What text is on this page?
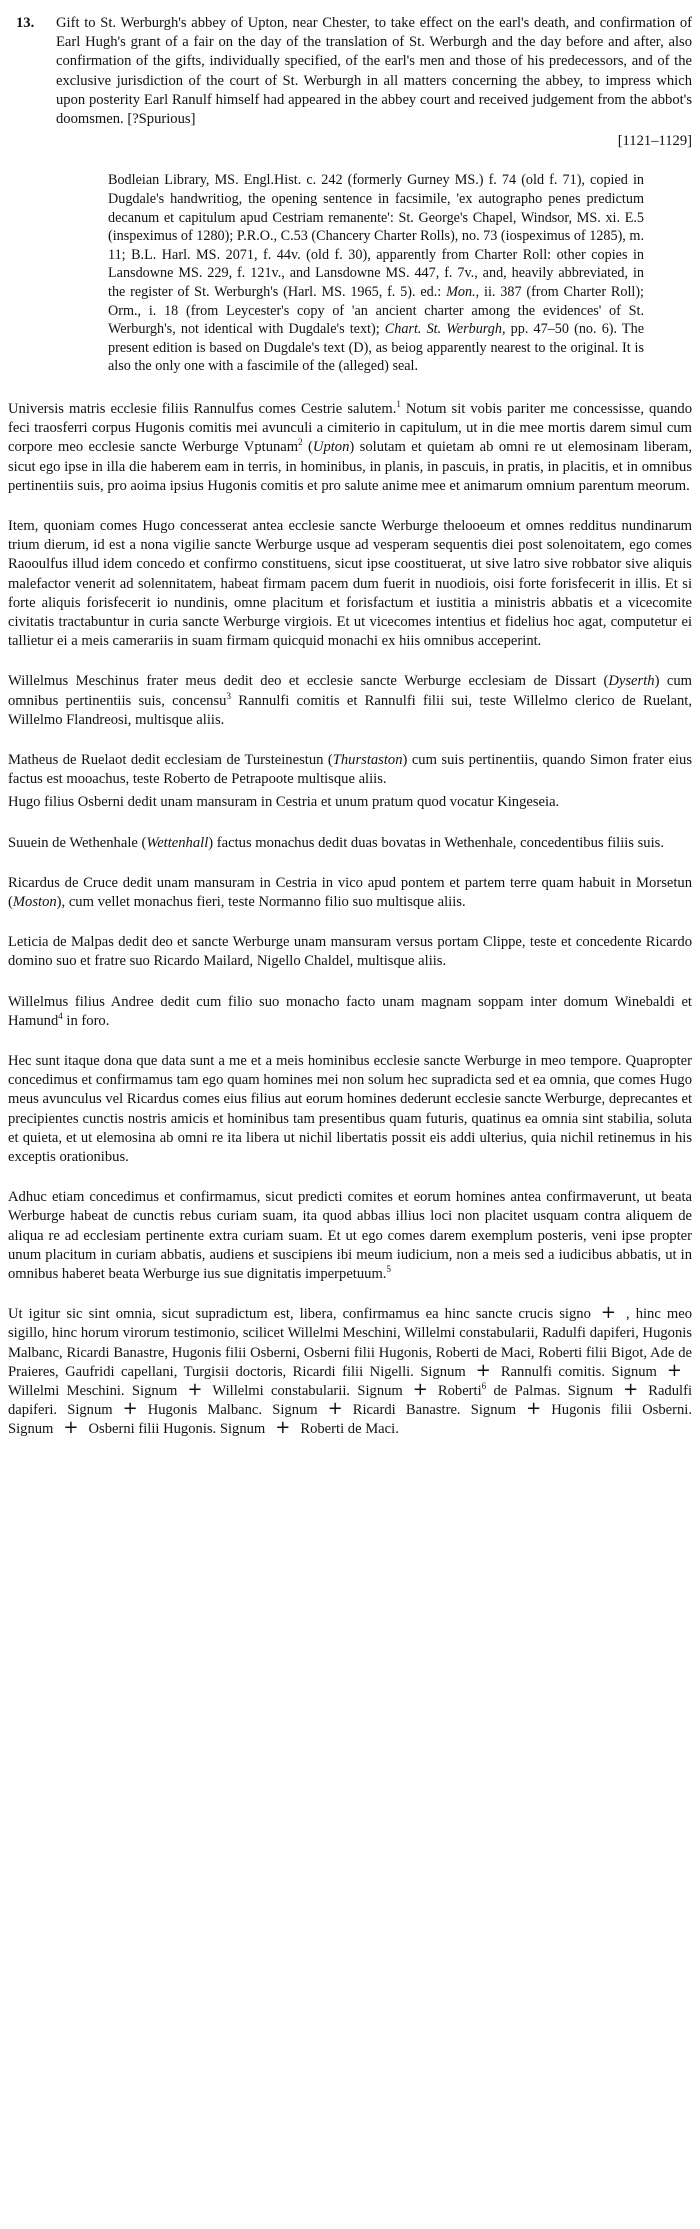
13. Gift to St. Werburgh's abbey of Upton, near Chester, to take effect on the earl's death, and confirmation of Earl Hugh's grant of a fair on the day of the translation of St. Werburgh and the day before and after, also confirmation of the gifts, individually specified, of the earl's men and those of his predecessors, and of the exclusive jurisdiction of the court of St. Werburgh in all matters concerning the abbey, to impress which upon posterity Earl Ranulf himself had appeared in the abbey court and received judgement from the abbot's doomsmen. [?Spurious]

[1121–1129]
Bodleian Library, MS. Engl.Hist. c. 242 (formerly Gurney MS.) f. 74 (old f. 71), copied in Dugdale's handwritiog, the opening sentence in facsimile, 'ex autographo penes predictum decanum et capitulum apud Cestriam remanente': St. George's Chapel, Windsor, MS. xi. E.5 (inspeximus of 1280); P.R.O., C.53 (Chancery Charter Rolls), no. 73 (iospeximus of 1285), m. 11; B.L. Harl. MS. 2071, f. 44v. (old f. 30), apparently from Charter Roll: other copies in Lansdowne MS. 229, f. 121v., and Lansdowne MS. 447, f. 7v., and, heavily abbreviated, in the register of St. Werburgh's (Harl. MS. 1965, f. 5). ed.: Mon., ii. 387 (from Charter Roll); Orm., i. 18 (from Leycester's copy of 'an ancient charter among the evidences' of St. Werburgh's, not identical with Dugdale's text); Chart. St. Werburgh, pp. 47–50 (no. 6). The present edition is based on Dugdale's text (D), as beiog apparently nearest to the original. It is also the only one with a fascimile of the (alleged) seal.

Universis matris ecclesie filiis Rannulfus comes Cestrie salutem.$^1$ Notum sit vobis pariter me concessisse, quando feci traosferri corpus Hugonis comitis mei avunculi a cimiterio in capitulum, ut in die mee mortis darem simul cum corpore meo ecclesie sancte Werburge Vptunam$^2$ (Upton) solutam et quietam ab omni re ut elemosinam liberam, sicut ego ipse in illa die haberem eam in terris, in hominibus, in planis, in pascuis, in pratis, in placitis, et in omnibus pertinentiis suis, pro aoima ipsius Hugonis comitis et pro salute anime mee et animarum omnium parentum meorum.

Item, quoniam comes Hugo concesserat antea ecclesie sancte Werburge thelooeum et omnes redditus nundinarum trium dierum, id est a nona vigilie sancte Werburge usque ad vesperam sequentis diei post solenoitatem, ego comes Raooulfus illud idem concedo et confirmo constituens, sicut ipse coostituerat, ut sive latro sive robbator sive aliquis malefactor venerit ad solennitatem, habeat firmam pacem dum fuerit in nuodiois, oisi forte forisfecerit in illis. Et si forte aliquis forisfecerit io nundinis, omne placitum et forisfactum et iustitia a ministris abbatis et a vicecomite civitatis tractabuntur in curia sancte Werburge virgiois. Et ut vicecomes intentius et fidelius hoc agat, computetur ei tallietur ei a meis camerariis in suam firmam quicquid monachi ex hiis omnibus acceperint.

Willelmus Meschinus frater meus dedit deo et ecclesie sancte Werburge ecclesiam de Dissart (Dyserth) cum omnibus pertinentiis suis, concensu$^3$ Rannulfi comitis et Rannulfi filii sui, teste Willelmo clerico de Ruelant, Willelmo Flandreosi, multisque aliis.

Matheus de Ruelaot dedit ecclesiam de Tursteinestun (Thurstaston) cum suis pertinentiis, quando Simon frater eius factus est mooachus, teste Roberto de Petrapoote multisque aliis.

Hugo filius Osberni dedit unam mansuram in Cestria et unum pratum quod vocatur Kingeseia.

Suuein de Wethenhale (Wettenhall) factus monachus dedit duas bovatas in Wethenhale, concedentibus filiis suis.

Ricardus de Cruce dedit unam mansuram in Cestria in vico apud pontem et partem terre quam habuit in Morsetun (Moston), cum vellet monachus fieri, teste Normanno filio suo multisque aliis.

Leticia de Malpas dedit deo et sancte Werburge unam mansuram versus portam Clippe, teste et concedente Ricardo domino suo et fratre suo Ricardo Mailard, Nigello Chaldel, multisque aliis.

Willelmus filius Andree dedit cum filio suo monacho facto unam magnam soppam inter domum Winebaldi et Hamund$^4$ in foro.

Hec sunt itaque dona que data sunt a me et a meis hominibus ecclesie sancte Werburge in meo tempore. Quapropter concedimus et confirmamus tam ego quam homines mei non solum hec supradicta sed et ea omnia, que comes Hugo meus avunculus vel Ricardus comes eius filius aut eorum homines dederunt ecclesie sancte Werburge, deprecantes et precipientes cunctis nostris amicis et hominibus tam presentibus quam futuris, quatinus ea omnia sint stabilia, soluta et quieta, et ut elemosina ab omni re ita libera ut nichil libertatis possit eis addi ulterius, quia nichil retinemus in his exceptis orationibus.

Adhuc etiam concedimus et confirmamus, sicut predicti comites et eorum homines antea confirmaverunt, ut beata Werburge habeat de cunctis rebus curiam suam, ita quod abbas illius loci non placitet usquam contra aliquem de aliqua re ad ecclesiam pertinente extra curiam suam. Et ut ego comes darem exemplum posteris, veni ipse propter unum placitum in curiam abbatis, audiens et suscipiens ibi meum iudicium, non a meis sed a iudicibus abbatis, ut in omnibus haberet beata Werburge ius sue dignitatis imperpetuum.$^5$

Ut igitur sic sint omnia, sicut supradictum est, libera, confirmamus ea hinc sancte crucis signo + , hinc meo sigillo, hinc horum virorum testimonio, scilicet Willelmi Meschini, Willelmi constabularii, Radulfi dapiferi, Hugonis Malbanc, Ricardi Banastre, Hugonis filii Osberni, Osberni filii Hugonis, Roberti de Maci, Roberti filii Bigot, Ade de Praieres, Gaufridi capellani, Turgisii doctoris, Ricardi filii Nigelli. Signum + Rannulfi comitis. Signum +Willelmi Meschini. Signum + Willelmi constabularii. Signum + Roberti$^6$ de Palmas. Signum + Radulfi dapiferi. Signum + Hugonis Malbanc. Signum + Ricardi Banastre. Signum + Hugonis filii Osberni. Signum + Osberni filii Hugonis. Signum + Roberti de Maci.
